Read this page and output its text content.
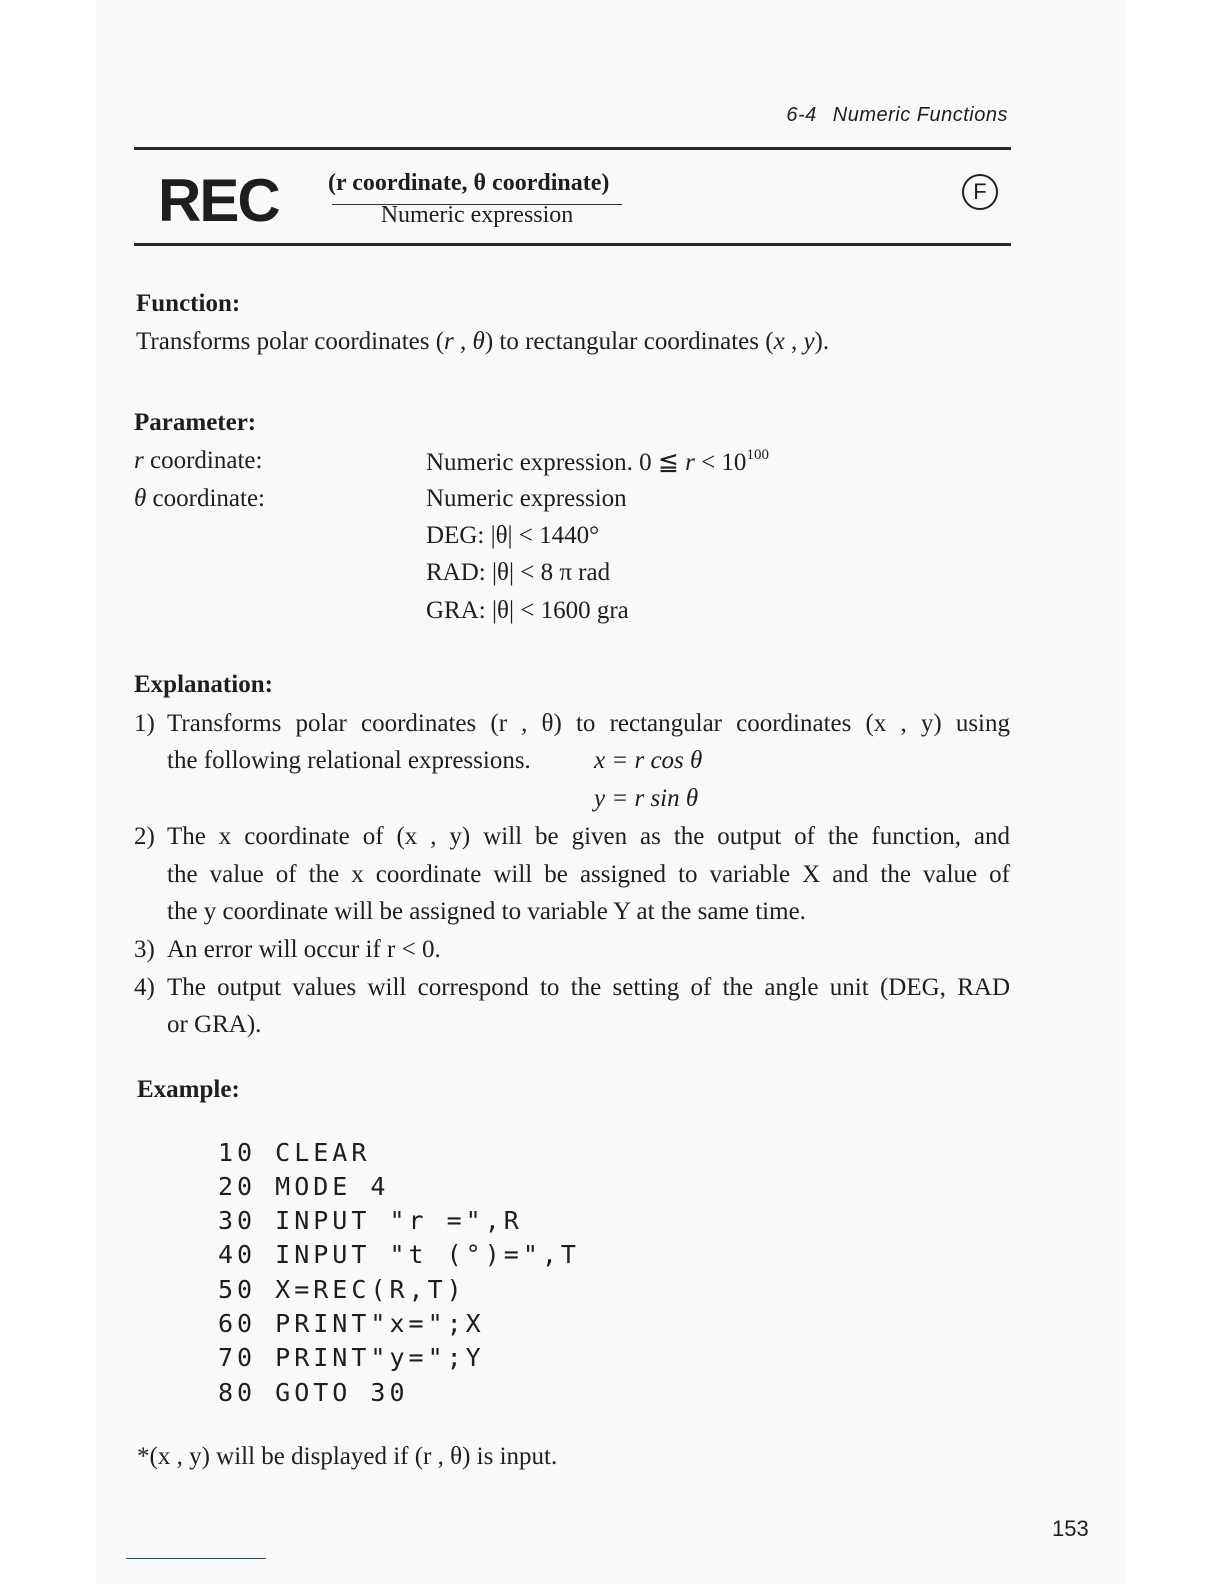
6-4 Numeric Functions
REC (r coordinate, θ coordinate)
Numeric expression
F
Function:
Transforms polar coordinates (r , θ) to rectangular coordinates (x , y).
Parameter:
r coordinate:
θ coordinate:
Numeric expression. 0 ≦ $r < 10^{100}$
Numeric expression
DEG: |θ| < 1440°
RAD: |θ| < 8 π rad
GRA: |θ| < 1600 gra
Explanation:
1) Transforms polar coordinates (r , θ) to rectangular coordinates (x , y) using
the following relational expressions.	x = r cos θ
y = r sin θ
2) The x coordinate of (x , y) will be given as the output of the function, and
the value of the x coordinate will be assigned to variable X and the value of
the y coordinate will be assigned to variable Y at the same time.
3) An error will occur if r < 0.
4) The output values will correspond to the setting of the angle unit (DEG, RAD
or GRA).
Example:
10 CLEAR
20 MODE 4
30 INPUT "r =",R
40 INPUT "t (°)=",T
50 X=REC(R,T)
60 PRINT"x=";X
70 PRINT"y=";Y
80 GOTO 30
*(x , y) will be displayed if (r , θ) is input.
153
